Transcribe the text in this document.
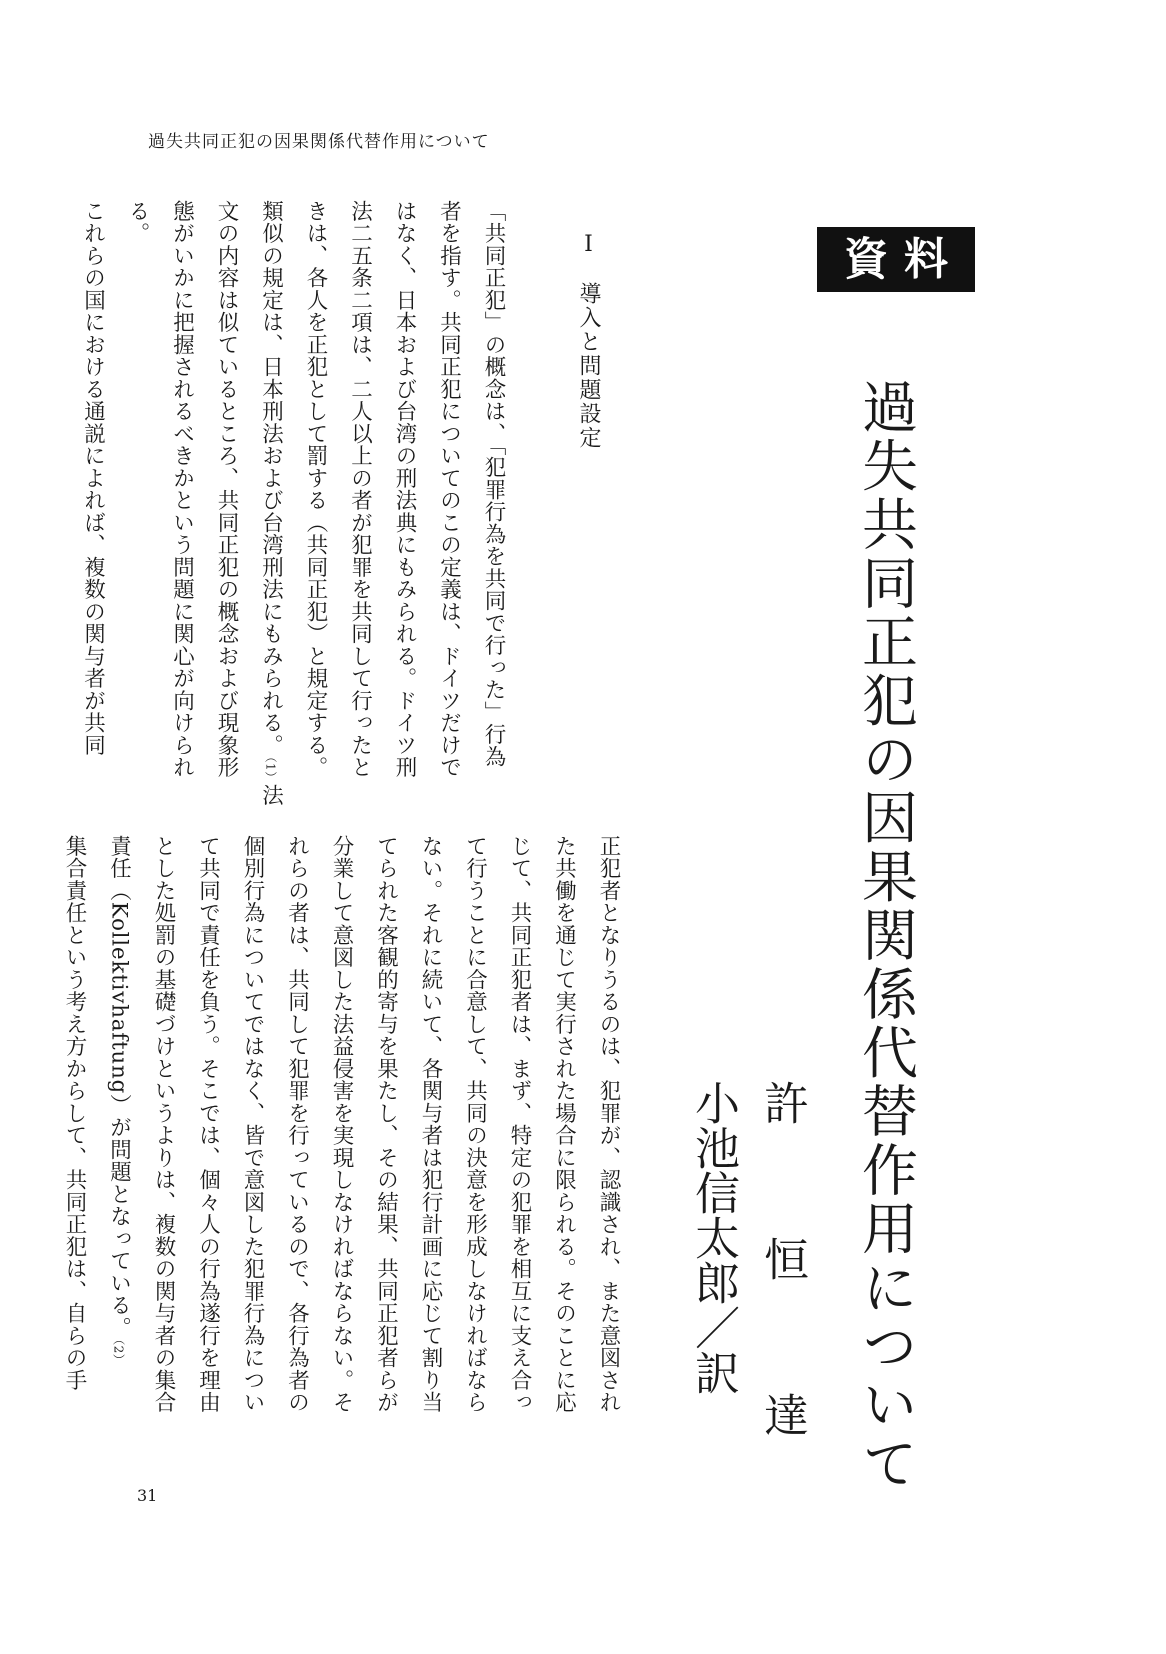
過失共同正犯の因果関係代替作用について
資料
過失共同正犯の因果関係代替作用について
許　恒　達
小池信太郎／訳
Ⅰ 導入と問題設定
「共同正犯」の概念は、「犯罪行為を共同で行った」行為
者を指す。共同正犯についてのこの定義は、ドイツだけで
はなく、日本および台湾の刑法典にもみられる。ドイツ刑
法二五条二項は、二人以上の者が犯罪を共同して行ったと
きは、各人を正犯として罰する（共同正犯）と規定する。
類似の規定は、日本刑法および台湾刑法にもみられる。（1）法
文の内容は似ているところ、共同正犯の概念および現象形
態がいかに把握されるべきかという問題に関心が向けられ
る。
これらの国における通説によれば、複数の関与者が共同
正犯者となりうるのは、犯罪が、認識され、また意図され
た共働を通じて実行された場合に限られる。そのことに応
じて、共同正犯者は、まず、特定の犯罪を相互に支え合っ
て行うことに合意して、共同の決意を形成しなければなら
ない。それに続いて、各関与者は犯行計画に応じて割り当
てられた客観的寄与を果たし、その結果、共同正犯者らが
分業して意図した法益侵害を実現しなければならない。そ
れらの者は、共同して犯罪を行っているので、各行為者の
個別行為についてではなく、皆で意図した犯罪行為につい
て共同で責任を負う。そこでは、個々人の行為遂行を理由
とした処罰の基礎づけというよりは、複数の関与者の集合
責任（Kollektivhaftung）が問題となっている。（2）
集合責任という考え方からして、共同正犯は、自らの手
31
